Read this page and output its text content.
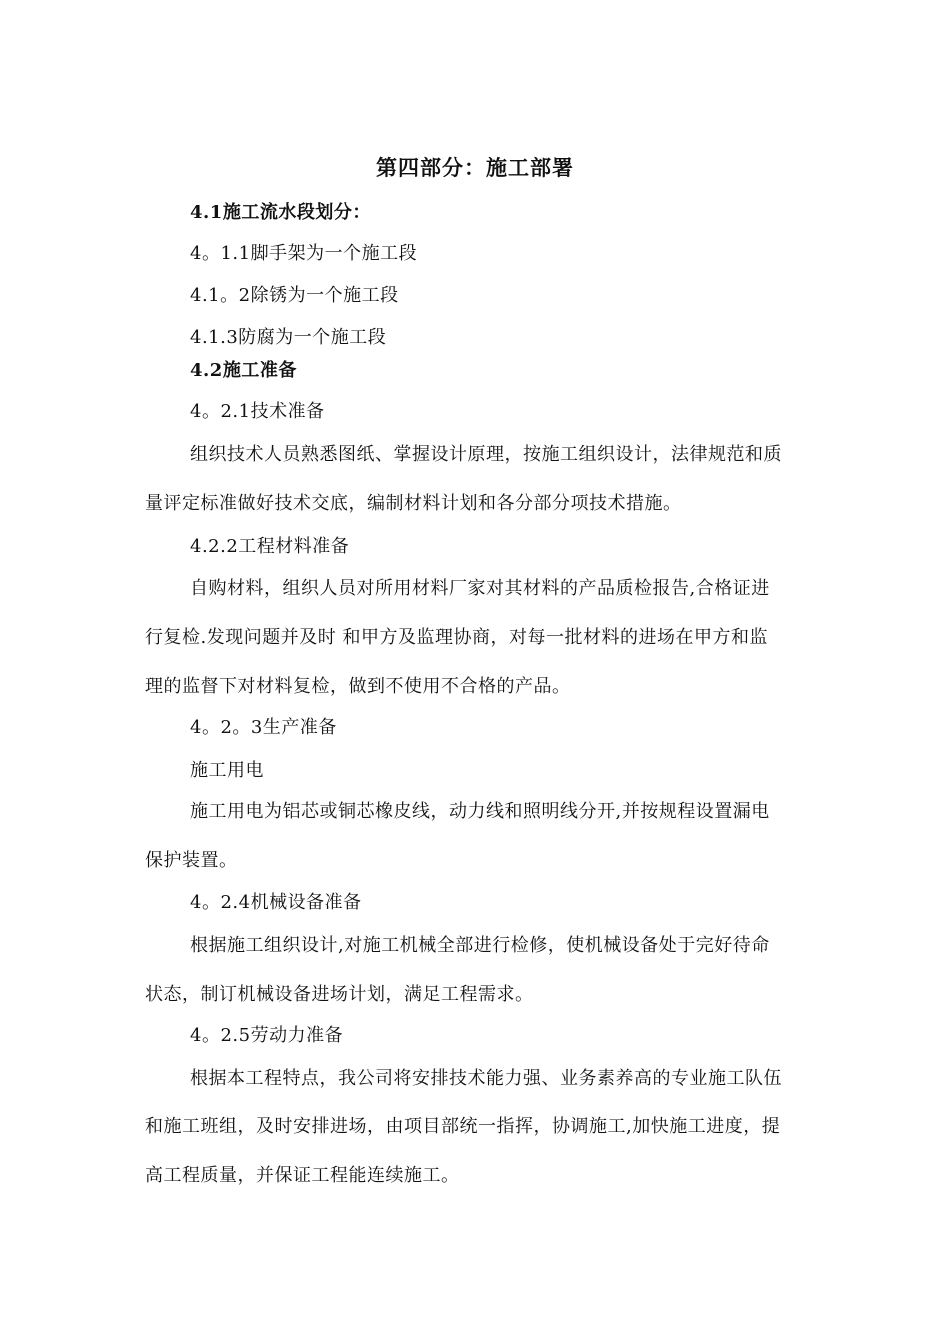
第四部分：施工部署
4.1施工流水段划分：
4。1.1脚手架为一个施工段
4.1。2除锈为一个施工段
4.1.3防腐为一个施工段
4.2施工准备
4。2.1技术准备
组织技术人员熟悉图纸、掌握设计原理，按施工组织设计，法律规范和质
量评定标准做好技术交底，编制材料计划和各分部分项技术措施。
4.2.2工程材料准备
自购材料，组织人员对所用材料厂家对其材料的产品质检报告,合格证进
行复检.发现问题并及时 和甲方及监理协商，对每一批材料的进场在甲方和监
理的监督下对材料复检，做到不使用不合格的产品。
4。2。3生产准备
施工用电
施工用电为铝芯或铜芯橡皮线，动力线和照明线分开,并按规程设置漏电
保护装置。
4。2.4机械设备准备
根据施工组织设计,对施工机械全部进行检修，使机械设备处于完好待命
状态，制订机械设备进场计划，满足工程需求。
4。2.5劳动力准备
根据本工程特点，我公司将安排技术能力强、业务素养高的专业施工队伍
和施工班组，及时安排进场，由项目部统一指挥，协调施工,加快施工进度，提
高工程质量，并保证工程能连续施工。
